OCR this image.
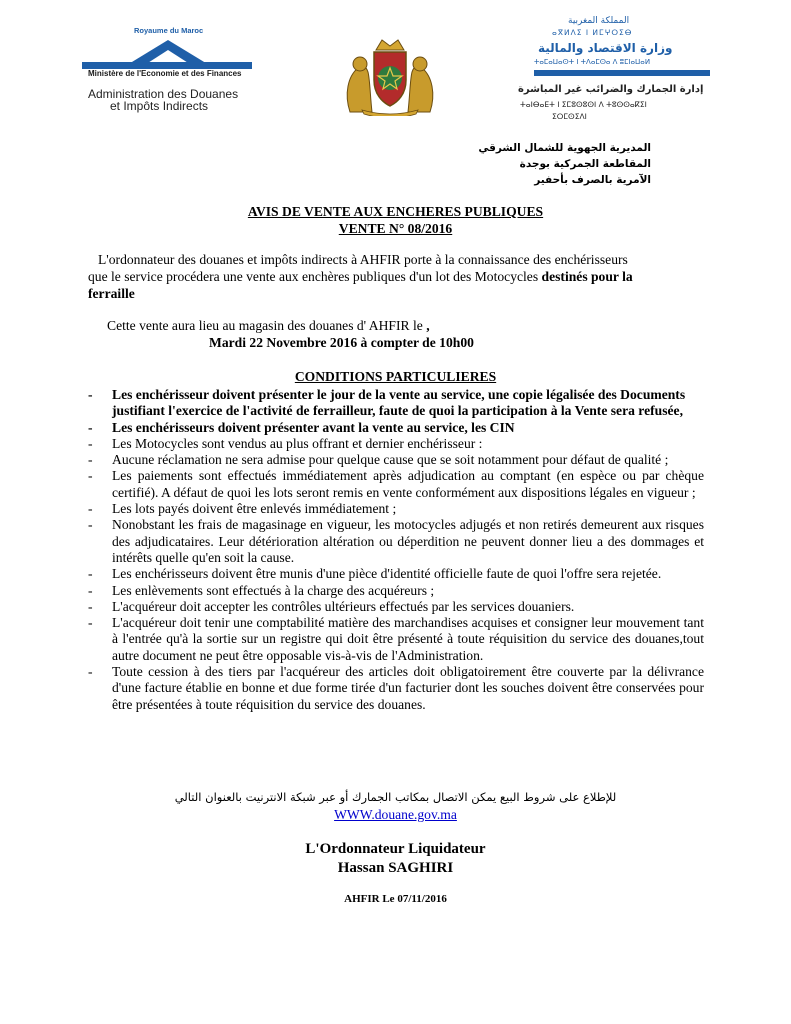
Royaume du Maroc
Ministère de l'Economie et des Finances
Administration des Douanes
et Impôts Indirects
المملكة المغربية
ⴰⴳⵍⴷⵉ ⵏ ⵍⵎⵖⵔⵉⴱ
وزارة الاقتصاد والمالية
ⵜⴰⵎⴰⵡⴰⵙⵜ ⵏ ⵜⴷⴰⵎⵙⴰ ⴷ ⵓⵎⵏⴰⵡⴰⵍ
إدارة الجمارك والضرائب غير المباشرة
ⵜⴰⵏⴱⴰⴹⵜ ⵏ ⵉⵎⵓⵙⵓⵙⵏ ⴷ ⵜⵓⵙⵙⴰⴽⵉⵏ
ⵉⵔⵎⵙⵉⴷⵏ
المديرية الجهوية للشمال الشرقي
المقاطعة الجمركية بوجدة
الآمرية بالصرف بأحفير
AVIS DE VENTE AUX ENCHERES PUBLIQUES
VENTE N° 08/2016
L'ordonnateur des douanes et impôts indirects à AHFIR porte à la connaissance des enchérisseurs
que le service procédera une vente aux enchères publiques d'un lot des Motocycles destinés pour la
ferraille
Cette vente aura lieu au magasin des douanes d' AHFIR le ,
Mardi 22 Novembre 2016 à compter de 10h00
CONDITIONS PARTICULIERES
-	Les enchérisseur doivent présenter le jour de la vente au service, une copie légalisée des Documents justifiant l'exercice de l'activité de ferrailleur, faute de quoi la participation à la Vente sera refusée,
-	Les enchérisseurs doivent présenter avant la vente au service, les CIN
-	Les Motocycles sont vendus au plus offrant et dernier enchérisseur :
-	Aucune réclamation ne sera admise pour quelque cause que se soit notamment pour défaut de qualité ;
-	Les paiements sont effectués immédiatement après adjudication au comptant (en espèce ou par chèque certifié). A défaut de quoi les lots seront remis en vente conformément aux dispositions légales en vigueur ;
-	Les lots payés doivent être enlevés immédiatement ;
-	Nonobstant les frais de magasinage en vigueur, les motocycles adjugés et non retirés demeurent aux risques des adjudicataires. Leur détérioration altération ou déperdition ne peuvent donner lieu a des dommages et intérêts quelle qu'en soit la cause.
-	Les enchérisseurs doivent être munis d'une pièce d'identité officielle faute de quoi l'offre sera rejetée.
-	Les enlèvements sont effectués à la charge des acquéreurs ;
-	L'acquéreur doit accepter les contrôles ultérieurs effectués par les services douaniers.
-	L'acquéreur doit tenir une comptabilité matière des marchandises acquises et consigner leur mouvement tant à l'entrée qu'à la sortie sur un registre qui doit être présenté à toute réquisition du service des douanes,tout autre document ne peut être opposable vis-à-vis de l'Administration.
-	Toute cession à des tiers par l'acquéreur des articles doit obligatoirement être couverte par la délivrance d'une facture établie en bonne et due forme tirée d'un facturier dont les souches doivent être conservées pour être présentées à toute réquisition du service des douanes.
للإطلاع على شروط البيع يمكن الاتصال بمكاتب الجمارك أو عبر شبكة الانترنيت بالعنوان التالي
WWW.douane.gov.ma
L'Ordonnateur Liquidateur
Hassan SAGHIRI
AHFIR Le 07/11/2016
